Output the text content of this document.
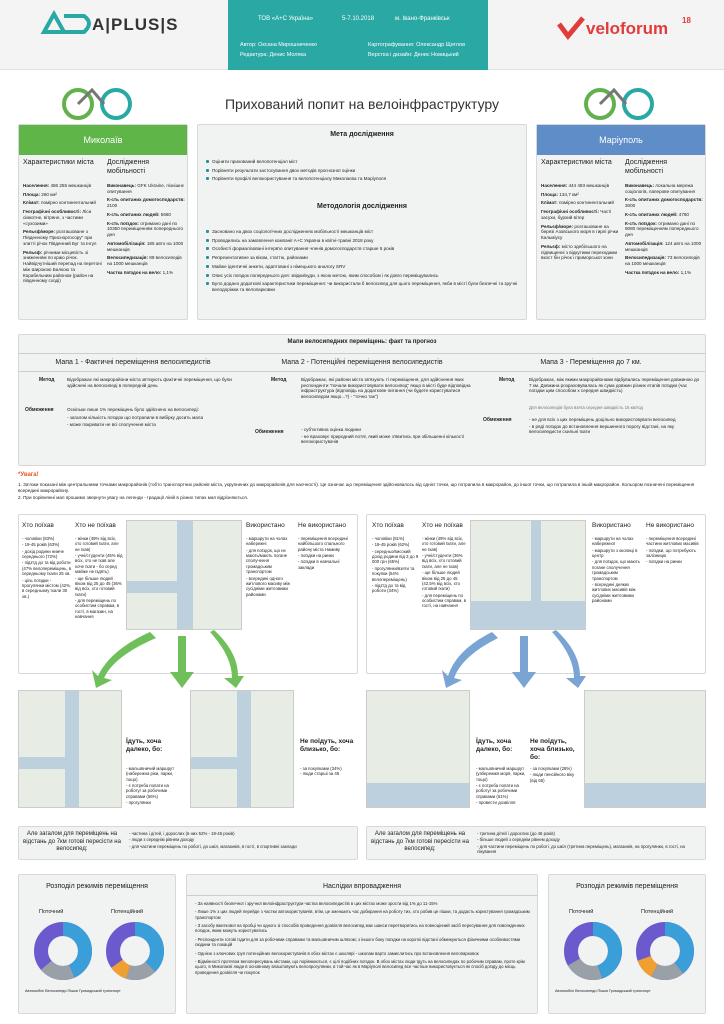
A|PLUS|S	ТОВ «А+С Україна»	5-7.10.2018	м. Івано-Франківськ
Автор: Оксана Мирошниченко
Редактура: Денис Моляка
Картографування: Олександр Щеглов
Верстка і дизайн: Денис Новицький
veloforum 18
Прихований попит на велоінфраструктуру
Миколаїв
Характеристики міста	Дослідження мобільності
Населення: 486 255 мешканців
Площа: 260 км²
Клімат: помірно континентальний
Географічні особливості: Ліси сімкотне, вітряне, з частими «сухозими»
Рельєф/море: розташоване з Південному Присноргосору" при злитті річок Південний Буг та Інгул
Рельєф: річними місцевість зі зниженням по краю річок. Найвідчутніший перепад на перетоні між Широкою Балкою та Корабельним районом (район на південному сході)
Виконавець: GFK Ukraine, пізнішнє опитування
К-сть опитаних домогосподарств: 2100
К-сть опитаних людей: 5660
К-сть поїздок: отримано дані по 10350 переміщенням попереднього дня
Автомобілізація: 185 авто на 1000 мешканців
Велосипедизація: 89 велосипедів на 1000 мешканців
Частка поїздок на вело: 1,1%
Мета дослідження
Оцінити прихований велопотенціал міст
Порівняти результати застосування двох методів прогнозної оцінки
Порівняти профілі велокористування та велопотенціалу Миколаєва та Маріуполя
Методологія дослідження
Засновано на двох соціологічних дослідженнях мобільності мешканців міст
Проводились на замовлення компанії А+С Україна в квітні-травні 2018 року
Особисті формалізовані інтерв'ю опитування членів домогосподарств старше 5 років
Репрезентативне за віком, статтю, районами
Майже ідентичні анкети, адаптовані з німецького аналогу SRV
Опис усіх поїздок попереднього дня: звідки/куди, з якою метою, яким способом і як довго переміщувались
Було додано додаткові характеристики переміщення: чи використали б велосипед для цього переміщення, якби в місті були безпечні та зручні велодоріжки та велопарковки
Маріуполь
Характеристики міста	Дослідження мобільності
Населення: 444 493 мешканців
Площа: 134,7 км²
Клімат: помірно континентальний
Географічні особливості: Часті засухи, бурхий вітер
Рельєф/море: розташоване на березі Азовського моря в гирлі річки Кальміусу
Рельєф: місто здебільшого на підвищенні з відкутими переходами вкост бін річок і приморської зони
Виконавець: локальна мережа соціологів, паперове опитування
К-сть опитаних домогосподарств: 3000
К-сть опитаних людей: 4760
К-сть поїздок: отримано дані по 9080 переміщенням попереднього дня
Автомобілізація: 124 авто на 1000 мешканців
Велосипедизація: 73 велосипедів на 1000 мешканців
Частка поїздок на вело: 1,1%
Мапи велосипедних переміщень: факт та прогноз
Мапа 1 - Фактичні переміщення велосипедистів	Мапа 2 - Потенційні переміщення велосипедистів	Мапа 3 - Переміщення до 7 км.
Метод	Відображає які макрорайони міста зв'язують фактичні переміщення, що були здійснені на велосипеді в попередній день
Обмеження	Оскільки лише 1% переміщень було здійснено на велосипеді:
- загалом кількість поїздок що потрапили в вибірку досить мала
- може покривати не всі сполучення міста
Метод	Відображає, які райони міста зв'язують ті переміщення, для здійснення яких респонденти "почали використовувати велосипед" якщо в місті буде відповідна інфраструктура (відповідь на додаткове питання (чи будете користуватися велосипедом якщо...?) - "точно так")
Обмеження	- суб'єктивна оцінка людини
- не враховує природний потяг, який може з'явитись при збільшенні кількості велокористувачів
Метод	Відображає, між якими макрорайонами відбувались переміщення довжиною до 7 км. Довжина розраховувалась як сума довжин різних етапів поїздки (час поїздки цим способом х середня швидкість)
Для велосипедів була взята середня швидкість 15 км/год
Обмеження	- не для всіх з цих переміщень доцільно використовувати велосипед
- в ряді поїздок до встановлення вершинного порогу відстані, на яку велосипедисти схильні їхати
*Увага!
1. За'язки показані між центральними точками макрорайонів (тобто транспортних районів міста, укрупнених до макрорайонів для наочності). Це означає що переміщення здійснювалось від однієї точки, що потрапила в макрорайон, до іншої точки, що потрапила в іншій макрорайон. Кольором позначені переміщення всередині макрорайону.
2. При порівнянні мап прошимо звернути увагу на легенди - градації ліній в різних типах мап відрізняються.
Хто поїхав	Хто не поїхав
- чоловіки (83%)
- 19-45 років (63%)
- дохід родини нижче середнього (72%)
- підз'їд до та від роботи (47% велопереміщень, в середньому їхали 25 хв.
- ціль поїздки - прогулянки містом (42%, в середньому їхали 30 хв.)
- жінки (49% від всіх, хто готовий їхати, але не їхав)
- учні/студенти (45% від всіх, хто не їхав але хоче їхати - бо серед майже не їздять)
- ще більше людей віком від 25 до 45 (36% від всіх, хто готовий їхати)
- для переміщень по особистим справам, в гості, в магазин, на навчання
Використано Не використано
- маршрути на чолах набережні
- для поїздок, що не мають/мають погане сполучення громадським транспортом
- всередині одного житлового масиву між сусідніми житловими районами
- переміщення всередині найбільшого спального району міста Намиву
- поїздки на ринки
- поїздки в навчальні заклади
Хто поїхав	Хто не поїхав
- чоловіки (81%)
- 19-45 років (62%)
- середньо/високий дохід родини від 3 до 9 000 грн (65%)
- прогулянки/взяти та покупки (54% велопереміщень)
- підз'їд до та від роботи (34%)
- жінки (49% від всіх, хто готовий їхати, але не їхав)
- учні/студенти (36% від всіх, хто готовий їхати, але не їхав)
- ще більше людей віком від 25 до 45 (42,5% від всіх, хто готовий їхати)
- для переміщень по особистим справам, в гості, на навчання
Використано Не використано
- маршрути на чолах набережної
- маршрути з околиці в центр
- для поїздок, що мають погане сполучення громадським транспортом
- всередині деяких житлових масивів між сусідніми житловими районами
- переміщення всередині частини житлових масивів
- поїздки, що потребують залізницю
- поїздки на ринки
Їдуть, хоча далеко, бо:
- мальовничий маршрут (набережна ріки, парки, тощо)
- є потреба попати на роботу/ за робочими справами (56%)
- прогулянки
Їдуть, хоча далеко, бо:
- мальовничий маршрут (узбережжя моря, парки, тощо)
- є потреба попати на роботу/ за робочими справами (61%)
- провести дозвілля
Не поїдуть, хоча близько, бо:
- за покупками (28%)
- люди пенсійного віку (від 65)
Але загалом для переміщень на відстань до 7км готові пересісти на велосипед:
- частина і дітей, і дорослих (в них 52% - 19-45 років)
- люди з середнім рівнем доходу
- для частини переміщень по роботі, до шкіл, магазинів, в гості, в спортивні заклади
Але загалом для переміщень на відстань до 7км готові пересісти на велосипед:
- третина дітей і дорослих (до 46 років)
- більше людей з середнім рівнем доходу
- для частини переміщень по роботі, до шкіл (третина переміщень), магазинів, на прогулянки, в гості, на лікування
Розподіл режимів переміщення
Поточний	Потенційний
Автомобілі Велосипеди Пішки Громадський транспорт
Наслідки впровадження
- За наявності безпечної і зручної велоінфраструктури частка велосипедистів в цих містах може зрости від 1% до 11-15%
- Лише 1% з цих людей перейде з частки автокористувачів, втім, це зменшить час добирання на роботу тих, хто робив це пішки, та додасть користування громадським транспортом
- З засобу вжиткової на пробці чи одного зі способів проведення дозвілля велосипед має шанси перетворитись на повноцінний засіб пересування для повсякденних поїздок, яким можуть користуватись
- Респонденти готові їздити для за робочими справами та мальовничим шляхом; з іншого боку поїздки на короткі відстані обмежуються фізичними особливостями людини та локацій
- Однією з ключових груп потенційних велокористувачів в обох містах є школярі - школам варто замислитись про встановлення велопарковок
- Відмінності протягом велопересувань містами, що порівнюються, є цілі подібних поїздок. В обох містах люди їдуть на велосипедах по робочим справам, проте крім цього, в Миколаєві люди в основному влаштовують велопрогулянки, в той час як в Маріуполі велосипед все частіше використовується як спосіб доїзду до місць проведення дозвілля чи покупок
Розподіл режимів переміщення
Поточний	Потенційний
Автомобілі Велосипеди Пішки Громадський транспорт
Не поїдуть, хоча близько, бо:
- за покупками (34%)
- люди старші за 46
